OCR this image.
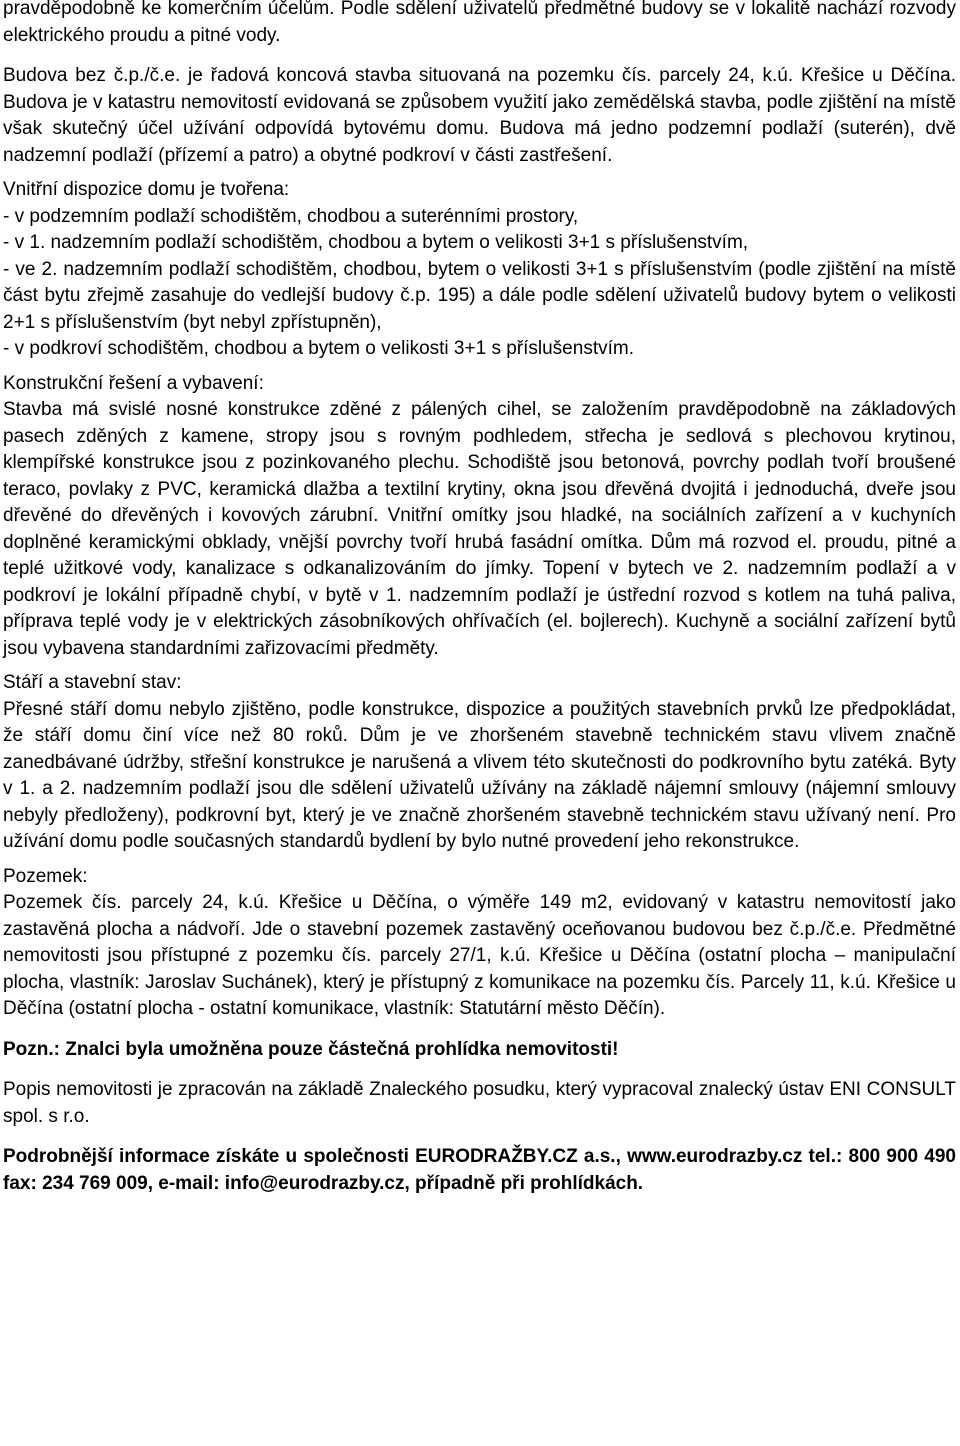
pravděpodobně ke komerčním účelům. Podle sdělení uživatelů předmětné budovy se v lokalitě nachází rozvody elektrického proudu a pitné vody.

Budova bez č.p./č.e. je řadová koncová stavba situovaná na pozemku čís. parcely 24, k.ú. Křešice u Děčína. Budova je v katastru nemovitostí evidovaná se způsobem využití jako zemědělská stavba, podle zjištění na místě však skutečný účel užívání odpovídá bytovému domu. Budova má jedno podzemní podlaží (suterén), dvě nadzemní podlaží (přízemí a patro) a obytné podkroví v části zastřešení.

Vnitřní dispozice domu je tvořena:

- v podzemním podlaží schodištěm, chodbou a suterénními prostory,

- v 1. nadzemním podlaží schodištěm, chodbou a bytem o velikosti 3+1 s příslušenstvím,

- ve 2. nadzemním podlaží schodištěm, chodbou, bytem o velikosti 3+1 s příslušenstvím (podle zjištění na místě část bytu zřejmě zasahuje do vedlejší budovy č.p. 195) a dále podle sdělení uživatelů budovy bytem o velikosti 2+1 s příslušenstvím (byt nebyl zpřístupněn),

- v podkroví schodištěm, chodbou a bytem o velikosti 3+1 s příslušenstvím.

Konstrukční řešení a vybavení:

Stavba má svislé nosné konstrukce zděné z pálených cihel, se založením pravděpodobně na základových pasech zděných z kamene, stropy jsou s rovným podhledem, střecha je sedlová s plechovou krytinou, klempířské konstrukce jsou z pozinkovaného plechu. Schodiště jsou betonová, povrchy podlah tvoří broušené teraco, povlaky z PVC, keramická dlažba a textilní krytiny, okna jsou dřevěná dvojitá i jednoduchá, dveře jsou dřevěné do dřevěných i kovových zárubní. Vnitřní omítky jsou hladké, na sociálních zařízení a v kuchyních doplněné keramickými obklady, vnější povrchy tvoří hrubá fasádní omítka. Dům má rozvod el. proudu, pitné a teplé užitkové vody, kanalizace s odkanalizováním do jímky. Topení v bytech ve 2. nadzemním podlaží a v podkroví je lokální případně chybí, v bytě v 1. nadzemním podlaží je ústřední rozvod s kotlem na tuhá paliva, příprava teplé vody je v elektrických zásobníkových ohřívačích (el. bojlerech). Kuchyně a sociální zařízení bytů jsou vybavena standardními zařizovacími předměty.

Stáří a stavební stav:

Přesné stáří domu nebylo zjištěno, podle konstrukce, dispozice a použitých stavebních prvků lze předpokládat, že stáří domu činí více než 80 roků. Dům je ve zhoršeném stavebně technickém stavu vlivem značně zanedbávané údržby, střešní konstrukce je narušená a vlivem této skutečnosti do podkrovního bytu zatéká. Byty v 1. a 2. nadzemním podlaží jsou dle sdělení uživatelů užívány na základě nájemní smlouvy (nájemní smlouvy nebyly předloženy), podkrovní byt, který je ve značně zhoršeném stavebně technickém stavu užívaný není. Pro užívání domu podle současných standardů bydlení by bylo nutné provedení jeho rekonstrukce.

Pozemek:

Pozemek čís. parcely 24, k.ú. Křešice u Děčína, o výměře 149 m2, evidovaný v katastru nemovitostí jako zastavěná plocha a nádvoří. Jde o stavební pozemek zastavěný oceňovanou budovou bez č.p./č.e. Předmětné nemovitosti jsou přístupné z pozemku čís. parcely 27/1, k.ú. Křešice u Děčína (ostatní plocha – manipulační plocha, vlastník: Jaroslav Suchánek), který je přístupný z komunikace na pozemku čís. Parcely 11, k.ú. Křešice u Děčína (ostatní plocha - ostatní komunikace, vlastník: Statutární město Děčín).

Pozn.: Znalci byla umožněna pouze částečná prohlídka nemovitosti!

Popis nemovitosti je zpracován na základě Znaleckého posudku, který vypracoval znalecký ústav ENI CONSULT spol. s r.o.

Podrobnější informace získáte u společnosti EURODRAŽBY.CZ a.s., www.eurodrazby.cz tel.: 800 900 490 fax: 234 769 009, e-mail: info@eurodrazby.cz, případně při prohlídkách.
